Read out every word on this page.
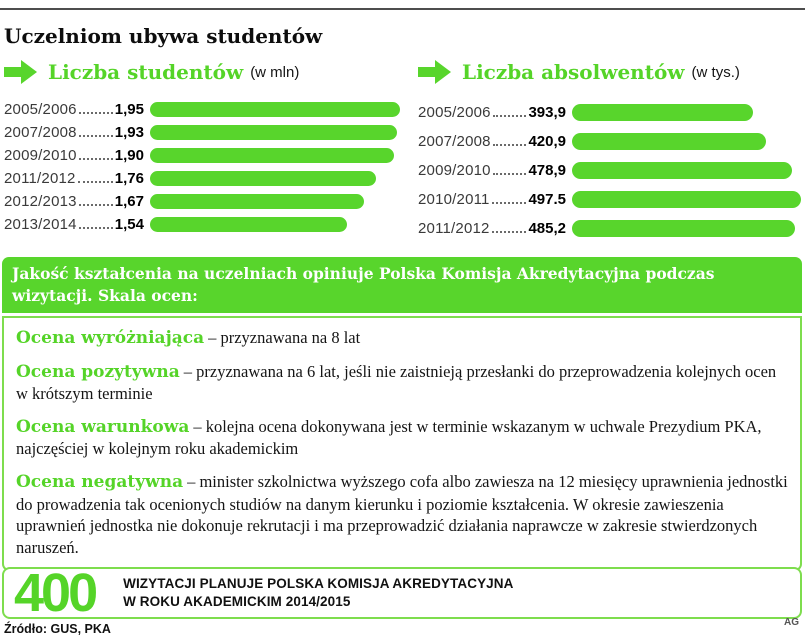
Uczelniom ubywa studentów
Liczba studentów (w mln)
2005/2006	1,95
2007/2008	1,93
2009/2010	1,90
2011/2012	1,76
2012/2013	1,67
2013/2014	1,54
Liczba absolwentów (w tys.)
2005/2006	393,9
2007/2008	420,9
2009/2010	478,9
2010/2011	497.5
2011/2012	485,2
Jakość kształcenia na uczelniach opiniuje Polska Komisja Akredytacyjna podczas wizytacji. Skala ocen:

Ocena wyróżniająca – przyznawana na 8 lat

Ocena pozytywna – przyznawana na 6 lat, jeśli nie zaistnieją przesłanki do przeprowadzenia kolejnych ocen w krótszym terminie

Ocena warunkowa – kolejna ocena dokonywana jest w terminie wskazanym w uchwale Prezydium PKA, najczęściej w kolejnym roku akademickim

Ocena negatywna – minister szkolnictwa wyższego cofa albo zawiesza na 12 miesięcy uprawnienia jednostki do prowadzenia tak ocenionych studiów na danym kierunku i poziomie kształcenia. W okresie zawieszenia uprawnień jednostka nie dokonuje rekrutacji i ma przeprowadzić działania naprawcze w zakresie stwierdzonych naruszeń.

400 WIZYTACJI PLANUJE POLSKA KOMISJA AKREDYTACYJNA
W ROKU AKADEMICKIM 2014/2015
Źródło: GUS, PKA	AG
